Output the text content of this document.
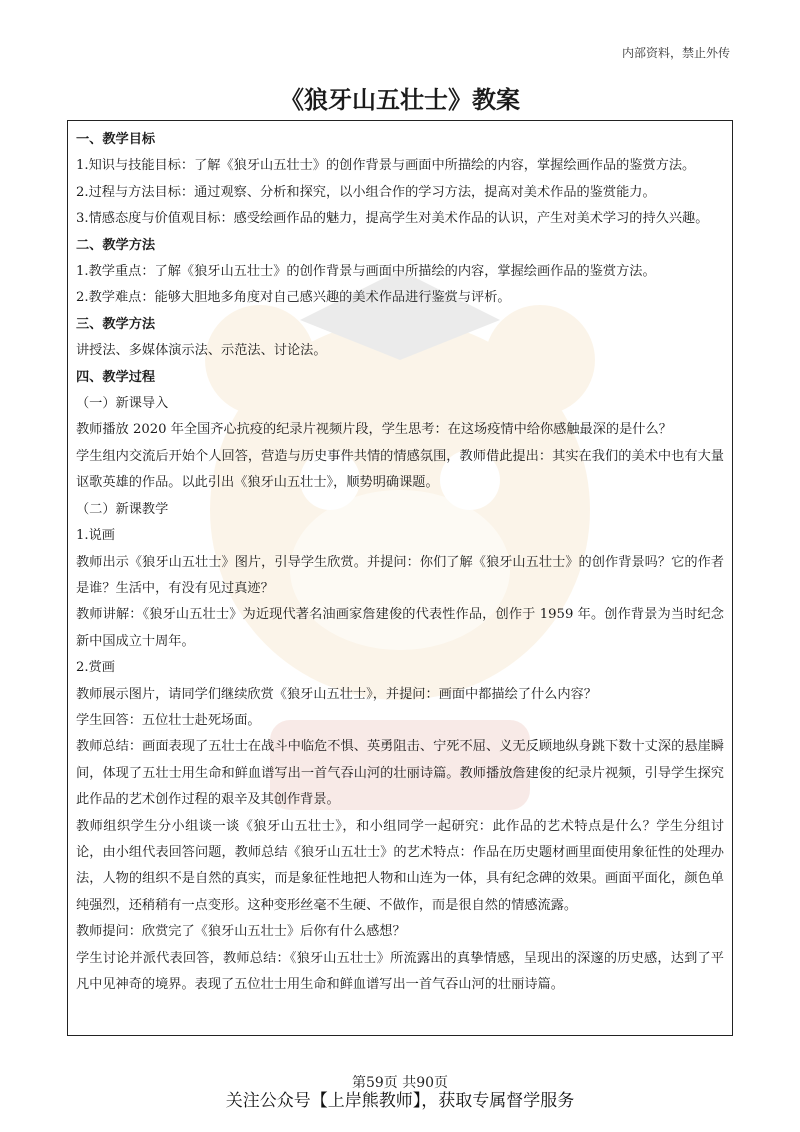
内部资料，禁止外传
《狼牙山五壮士》教案

一、教学目标

1.知识与技能目标：了解《狼牙山五壮士》的创作背景与画面中所描绘的内容，掌握绘画作品的鉴赏方法。

2.过程与方法目标：通过观察、分析和探究，以小组合作的学习方法，提高对美术作品的鉴赏能力。

3.情感态度与价值观目标：感受绘画作品的魅力，提高学生对美术作品的认识，产生对美术学习的持久兴趣。

二、教学方法

1.教学重点：了解《狼牙山五壮士》的创作背景与画面中所描绘的内容，掌握绘画作品的鉴赏方法。

2.教学难点：能够大胆地多角度对自己感兴趣的美术作品进行鉴赏与评析。

三、教学方法

讲授法、多媒体演示法、示范法、讨论法。

四、教学过程

（一）新课导入

教师播放 2020 年全国齐心抗疫的纪录片视频片段，学生思考：在这场疫情中给你感触最深的是什么？

学生组内交流后开始个人回答，营造与历史事件共情的情感氛围，教师借此提出：其实在我们的美术中也有大量讴歌英雄的作品。以此引出《狼牙山五壮士》，顺势明确课题。

（二）新课教学

1.说画

教师出示《狼牙山五壮士》图片，引导学生欣赏。并提问：你们了解《狼牙山五壮士》的创作背景吗？它的作者是谁？生活中，有没有见过真迹？

教师讲解：《狼牙山五壮士》为近现代著名油画家詹建俊的代表性作品，创作于 1959 年。创作背景为当时纪念新中国成立十周年。

2.赏画

教师展示图片，请同学们继续欣赏《狼牙山五壮士》，并提问：画面中都描绘了什么内容？

学生回答：五位壮士赴死场面。

教师总结：画面表现了五壮士在战斗中临危不惧、英勇阻击、宁死不屈、义无反顾地纵身跳下数十丈深的悬崖瞬间，体现了五壮士用生命和鲜血谱写出一首气吞山河的壮丽诗篇。教师播放詹建俊的纪录片视频，引导学生探究此作品的艺术创作过程的艰辛及其创作背景。

教师组织学生分小组谈一谈《狼牙山五壮士》，和小组同学一起研究：此作品的艺术特点是什么？学生分组讨论，由小组代表回答问题，教师总结《狼牙山五壮士》的艺术特点：作品在历史题材画里面使用象征性的处理办法，人物的组织不是自然的真实，而是象征性地把人物和山连为一体，具有纪念碑的效果。画面平面化，颜色单纯强烈，还稍稍有一点变形。这种变形丝毫不生硬、不做作，而是很自然的情感流露。

教师提问：欣赏完了《狼牙山五壮士》后你有什么感想？

学生讨论并派代表回答，教师总结：《狼牙山五壮士》所流露出的真挚情感，呈现出的深邃的历史感，达到了平凡中见神奇的境界。表现了五位壮士用生命和鲜血谱写出一首气吞山河的壮丽诗篇。

第59页 共90页
关注公众号【上岸熊教师】，获取专属督学服务
